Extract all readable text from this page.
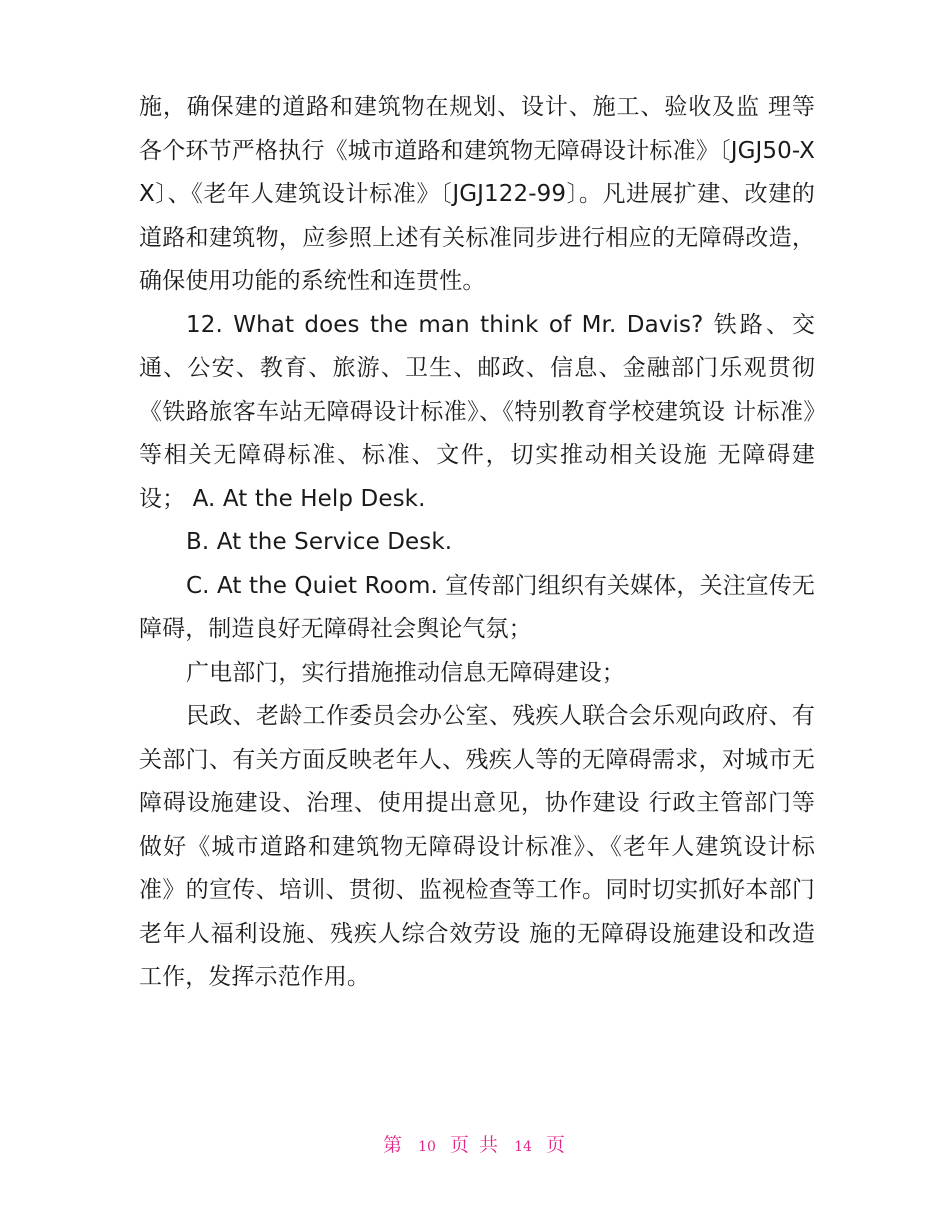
施，确保建的道路和建筑物在规划、设计、施工、验收及监 理等各个环节严格执行《城市道路和建筑物无障碍设计标准》〔JGJ50-XX〕、《老年人建筑设计标准》〔JGJ122-99〕。凡进展扩建、改建的道路和建筑物，应参照上述有关标准同步进行相应的无障碍改造，确保使用功能的系统性和连贯性。

12. What does the man think of Mr. Davis? 铁路、交通、公安、教育、旅游、卫生、邮政、信息、金融部门乐观贯彻《铁路旅客车站无障碍设计标准》、《特别教育学校建筑设 计标准》等相关无障碍标准、标准、文件，切实推动相关设施 无障碍建设； A. At the Help Desk.

B. At the Service Desk.

C. At the Quiet Room. 宣传部门组织有关媒体，关注宣传无障碍，制造良好无障碍社会舆论气氛；

广电部门，实行措施推动信息无障碍建设；

民政、老龄工作委员会办公室、残疾人联合会乐观向政府、有关部门、有关方面反映老年人、残疾人等的无障碍需求，对城市无障碍设施建设、治理、使用提出意见，协作建设 行政主管部门等做好《城市道路和建筑物无障碍设计标准》、《老年人建筑设计标准》的宣传、培训、贯彻、监视检查等工作。同时切实抓好本部门老年人福利设施、残疾人综合效劳设 施的无障碍设施建设和改造工作，发挥示范作用。

第 10 页 共 14 页
